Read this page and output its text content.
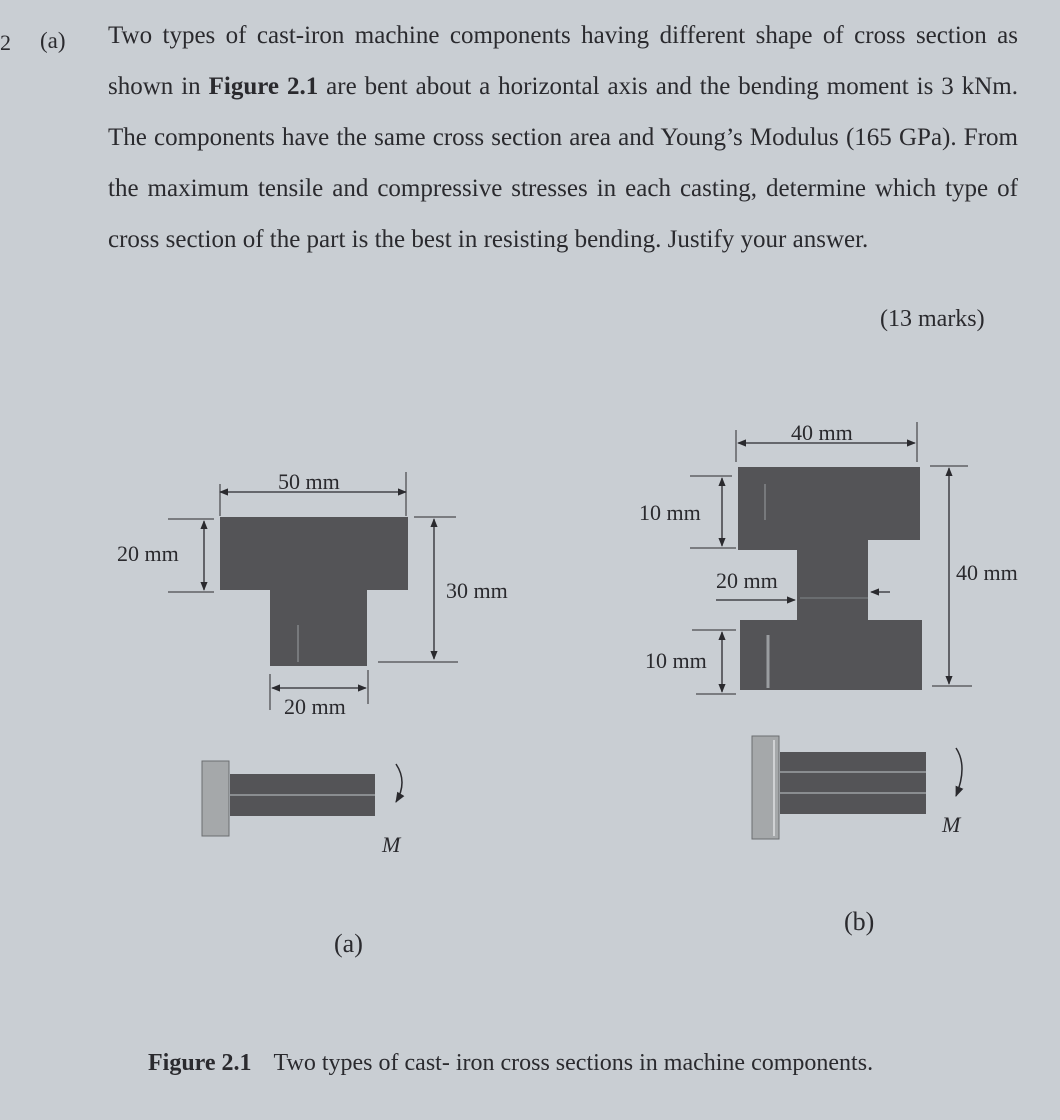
2 (a) Two types of cast-iron machine components having different shape of cross section as shown in Figure 2.1 are bent about a horizontal axis and the bending moment is 3 kNm. The components have the same cross section area and Young’s Modulus (165 GPa). From the maximum tensile and compressive stresses in each casting, determine which type of cross section of the part is the best in resisting bending. Justify your answer.
(13 marks)
50 mm
20 mm
30 mm
20 mm
M
(a)
40 mm
10 mm
20 mm
10 mm
40 mm
M
(b)
Figure 2.1 Two types of cast- iron cross sections in machine components.
